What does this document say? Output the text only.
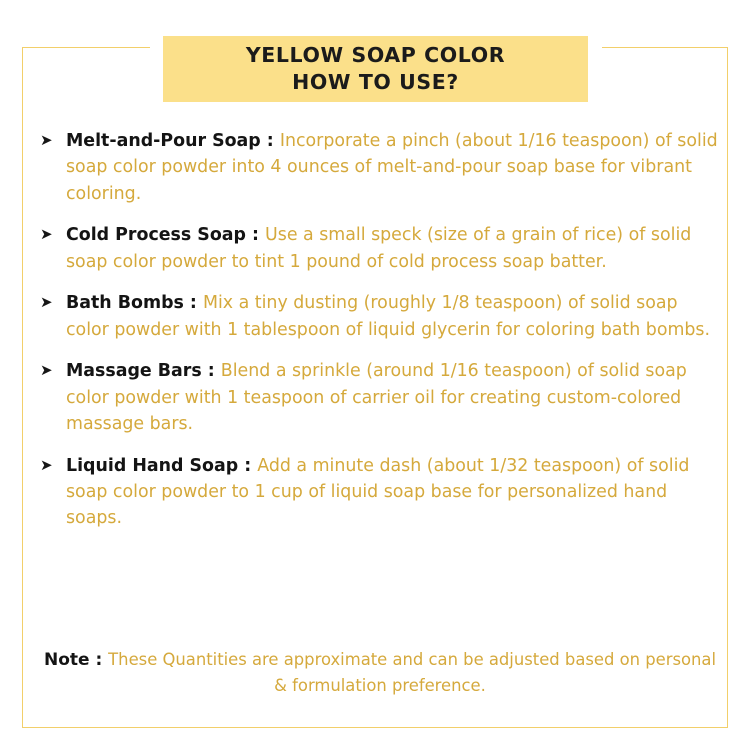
YELLOW SOAP COLOR
HOW TO USE?
➤ Melt-and-Pour Soap : Incorporate a pinch (about 1/16 teaspoon) of solid soap color powder into 4 ounces of melt-and-pour soap base for vibrant coloring.
➤ Cold Process Soap : Use a small speck (size of a grain of rice) of solid soap color powder to tint 1 pound of cold process soap batter.
➤ Bath Bombs : Mix a tiny dusting (roughly 1/8 teaspoon) of solid soap color powder with 1 tablespoon of liquid glycerin for coloring bath bombs.
➤ Massage Bars : Blend a sprinkle (around 1/16 teaspoon) of solid soap color powder with 1 teaspoon of carrier oil for creating custom-colored massage bars.
➤ Liquid Hand Soap : Add a minute dash (about 1/32 teaspoon) of solid soap color powder to 1 cup of liquid soap base for personalized hand soaps.
Note : These Quantities are approximate and can be adjusted based on personal & formulation preference.
